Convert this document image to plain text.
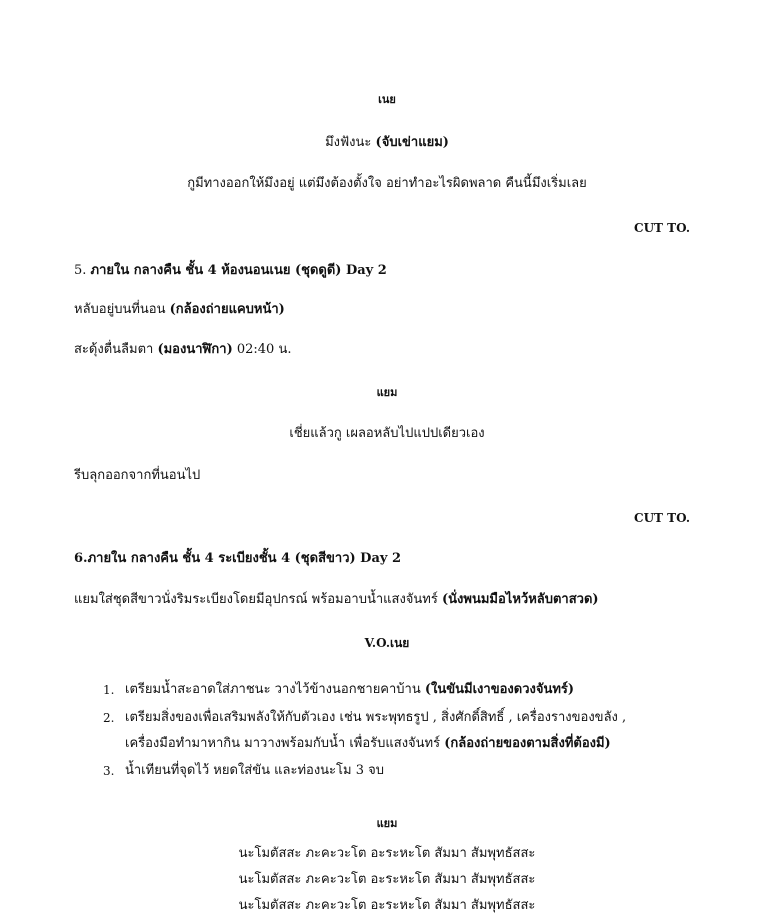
เนย
มึงฟังนะ (จับเข่าแยม)
กูมีทางออกให้มึงอยู่ แต่มึงต้องตั้งใจ อย่าทำอะไรผิดพลาด คืนนี้มึงเริ่มเลย
CUT TO.
5. ภายใน กลางคืน ชั้น 4 ห้องนอนเนย (ชุดดูดี) Day 2
หลับอยู่บนที่นอน (กล้องถ่ายแคบหน้า)
สะดุ้งตื่นลืมตา (มองนาฬิกา) 02:40 น.
แยม
เชี่ยแล้วกู เผลอหลับไปแปปเดียวเอง
รีบลุกออกจากที่นอนไป
CUT TO.
6.ภายใน กลางคืน ชั้น 4 ระเบียงชั้น 4 (ชุดสีขาว) Day 2
แยมใส่ชุดสีขาวนั่งริมระเบียงโดยมีอุปกรณ์ พร้อมอาบน้ำแสงจันทร์ (นั่งพนมมือไหว้หลับตาสวด)
V.O.เนย
1. เตรียมน้ำสะอาดใส่ภาชนะ วางไว้ข้างนอกชายคาบ้าน (ในขันมีเงาของดวงจันทร์)
2. เตรียมสิ่งของเพื่อเสริมพลังให้กับตัวเอง เช่น พระพุทธรูป , สิ่งศักดิ์สิทธิ์ , เครื่องรางของขลัง ,
เครื่องมือทำมาหากิน มาวางพร้อมกับน้ำ เพื่อรับแสงจันทร์ (กล้องถ่ายของตามสิ่งที่ต้องมี)
3. น้ำเทียนที่จุดไว้ หยดใส่ขัน และท่องนะโม 3 จบ
แยม
นะโมตัสสะ ภะคะวะโต อะระหะโต สัมมา สัมพุทธัสสะ
นะโมตัสสะ ภะคะวะโต อะระหะโต สัมมา สัมพุทธัสสะ
นะโมตัสสะ ภะคะวะโต อะระหะโต สัมมา สัมพุทธัสสะ
